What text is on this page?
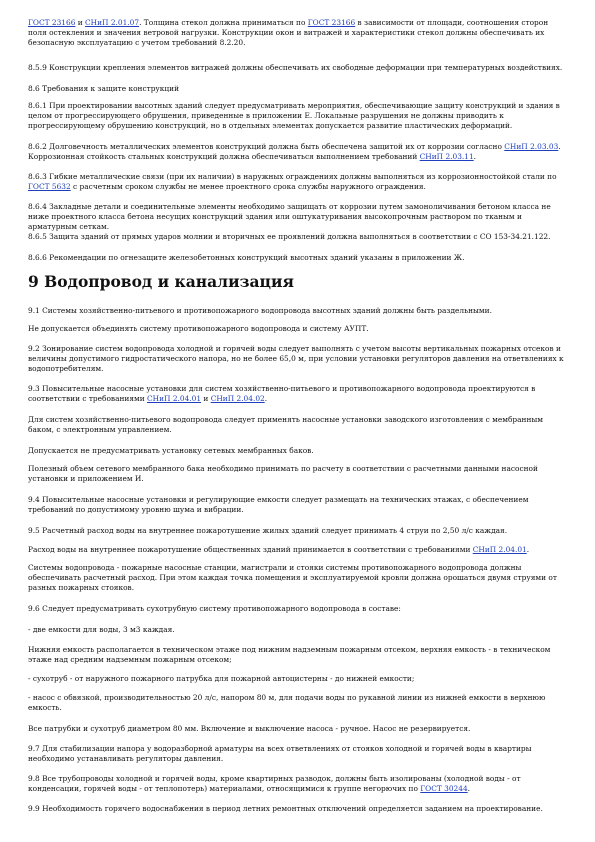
ГОСТ 23166 и СНиП 2.01.07. Толщина стекол должна приниматься по ГОСТ 23166 в зависимости от площади, соотношения сторон поля остекления и значения ветровой нагрузки. Конструкции окон и витражей и характеристики стекол должны обеспечивать их безопасную эксплуатацию с учетом требований 8.2.20.

8.5.9 Конструкции крепления элементов витражей должны обеспечивать их свободные деформации при температурных воздействиях.

8.6 Требования к защите конструкций

8.6.1 При проектировании высотных зданий следует предусматривать мероприятия, обеспечивающие защиту конструкций и здания в целом от прогрессирующего обрушения, приведенные в приложении Е. Локальные разрушения не должны приводить к прогрессирующему обрушению конструкций, но в отдельных элементах допускается развитие пластических деформаций.

8.6.2 Долговечность металлических элементов конструкций должна быть обеспечена защитой их от коррозии согласно СНиП 2.03.03. Коррозионная стойкость стальных конструкций должна обеспечиваться выполнением требований СНиП 2.03.11.

8.6.3 Гибкие металлические связи (при их наличии) в наружных ограждениях должны выполняться из коррозионностойкой стали по ГОСТ 5632 с расчетным сроком службы не менее проектного срока службы наружного ограждения.

8.6.4 Закладные детали и соединительные элементы необходимо защищать от коррозии путем замоноличивания бетоном класса не ниже проектного класса бетона несущих конструкций здания или оштукатуривания высокопрочным раствором по тканым и арматурным сеткам.

8.6.5 Защита зданий от прямых ударов молнии и вторичных ее проявлений должна выполняться в соответствии с СО 153-34.21.122.

8.6.6 Рекомендации по огнезащите железобетонных конструкций высотных зданий указаны в приложении Ж.

9 Водопровод и канализация

9.1 Системы хозяйственно-питьевого и противопожарного водопровода высотных зданий должны быть раздельными.

Не допускается объединять систему противопожарного водопровода и систему АУПТ.

9.2 Зонирование систем водопровода холодной и горячей воды следует выполнять с учетом высоты вертикальных пожарных отсеков и величины допустимого гидростатического напора, но не более 65,0 м, при условии установки регуляторов давления на ответвлениях к водопотребителям.

9.3 Повысительные насосные установки для систем хозяйственно-питьевого и противопожарного водопровода проектируются в соответствии с требованиями СНиП 2.04.01 и СНиП 2.04.02.

Для систем хозяйственно-питьевого водопровода следует применять насосные установки заводского изготовления с мембранным баком, с электронным управлением.

Допускается не предусматривать установку сетевых мембранных баков.

Полезный объем сетевого мембранного бака необходимо принимать по расчету в соответствии с расчетными данными насосной установки и приложением И.

9.4 Повысительные насосные установки и регулирующие емкости следует размещать на технических этажах, с обеспечением требований по допустимому уровню шума и вибрации.

9.5 Расчетный расход воды на внутреннее пожаротушение жилых зданий следует принимать 4 струи по 2,50 л/с каждая.

Расход воды на внутреннее пожаротушение общественных зданий принимается в соответствии с требованиями СНиП 2.04.01.

Системы водопровода - пожарные насосные станции, магистрали и стояки системы противопожарного водопровода должны обеспечивать расчетный расход. При этом каждая точка помещения и эксплуатируемой кровли должна орошаться двумя струями от разных пожарных стояков.

9.6 Следует предусматривать сухотрубную систему противопожарного водопровода в составе:

- две емкости для воды, 3 м3 каждая.

Нижняя емкость располагается в техническом этаже под нижним надземным пожарным отсеком, верхняя емкость - в техническом этаже над средним надземным пожарным отсеком;

- сухотруб - от наружного пожарного патрубка для пожарной автоцистерны - до нижней емкости;

- насос с обвязкой, производительностью 20 л/с, напором 80 м, для подачи воды по рукавной линии из нижней емкости в верхнюю емкость.

Все патрубки и сухотруб диаметром 80 мм. Включение и выключение насоса - ручное. Насос не резервируется.

9.7 Для стабилизации напора у водоразборной арматуры на всех ответвлениях от стояков холодной и горячей воды в квартиры необходимо устанавливать регуляторы давления.

9.8 Все трубопроводы холодной и горячей воды, кроме квартирных разводок, должны быть изолированы (холодной воды - от конденсации, горячей воды - от теплопотерь) материалами, относящимися к группе негорючих по ГОСТ 30244.

9.9 Необходимость горячего водоснабжения в период летних ремонтных отключений определяется заданием на проектирование.
